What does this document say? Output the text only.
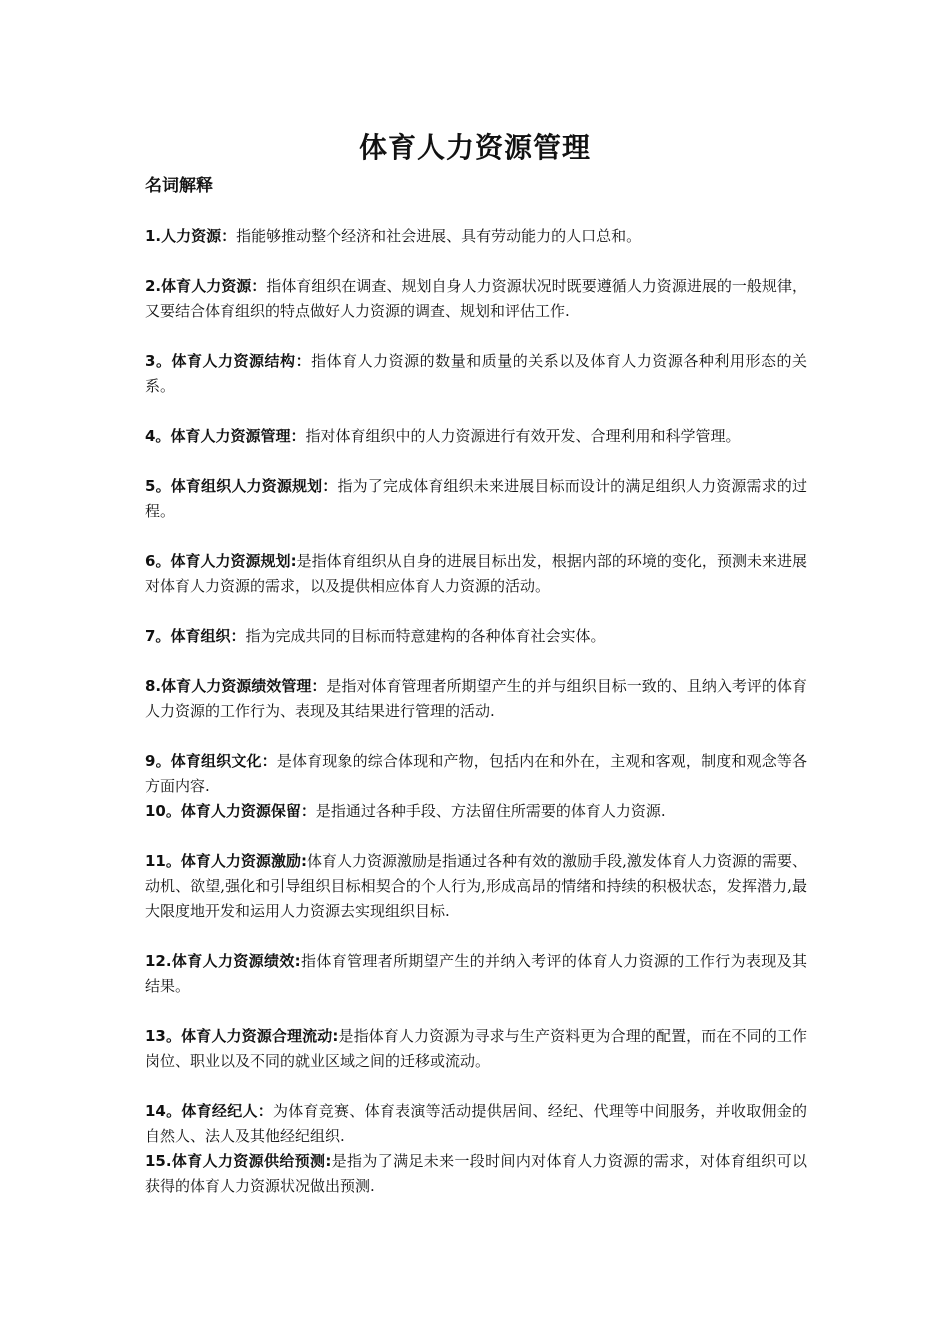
体育人力资源管理
名词解释

1.人力资源：指能够推动整个经济和社会进展、具有劳动能力的人口总和。

2.体育人力资源：指体育组织在调查、规划自身人力资源状况时既要遵循人力资源进展的一般规律，又要结合体育组织的特点做好人力资源的调查、规划和评估工作.

3。体育人力资源结构：指体育人力资源的数量和质量的关系以及体育人力资源各种利用形态的关系。

4。体育人力资源管理：指对体育组织中的人力资源进行有效开发、合理利用和科学管理。

5。体育组织人力资源规划：指为了完成体育组织未来进展目标而设计的满足组织人力资源需求的过程。

6。体育人力资源规划:是指体育组织从自身的进展目标出发，根据内部的环境的变化，预测未来进展对体育人力资源的需求，以及提供相应体育人力资源的活动。

7。体育组织：指为完成共同的目标而特意建构的各种体育社会实体。

8.体育人力资源绩效管理：是指对体育管理者所期望产生的并与组织目标一致的、且纳入考评的体育人力资源的工作行为、表现及其结果进行管理的活动.

9。体育组织文化：是体育现象的综合体现和产物，包括内在和外在，主观和客观，制度和观念等各方面内容.

10。体育人力资源保留：是指通过各种手段、方法留住所需要的体育人力资源.

11。体育人力资源激励:体育人力资源激励是指通过各种有效的激励手段,激发体育人力资源的需要、动机、欲望,强化和引导组织目标相契合的个人行为,形成高昂的情绪和持续的积极状态，发挥潜力,最大限度地开发和运用人力资源去实现组织目标.

12.体育人力资源绩效:指体育管理者所期望产生的并纳入考评的体育人力资源的工作行为表现及其结果。

13。体育人力资源合理流动:是指体育人力资源为寻求与生产资料更为合理的配置，而在不同的工作岗位、职业以及不同的就业区域之间的迁移或流动。

14。体育经纪人：为体育竞赛、体育表演等活动提供居间、经纪、代理等中间服务，并收取佣金的自然人、法人及其他经纪组织.

15.体育人力资源供给预测:是指为了满足未来一段时间内对体育人力资源的需求，对体育组织可以获得的体育人力资源状况做出预测.
